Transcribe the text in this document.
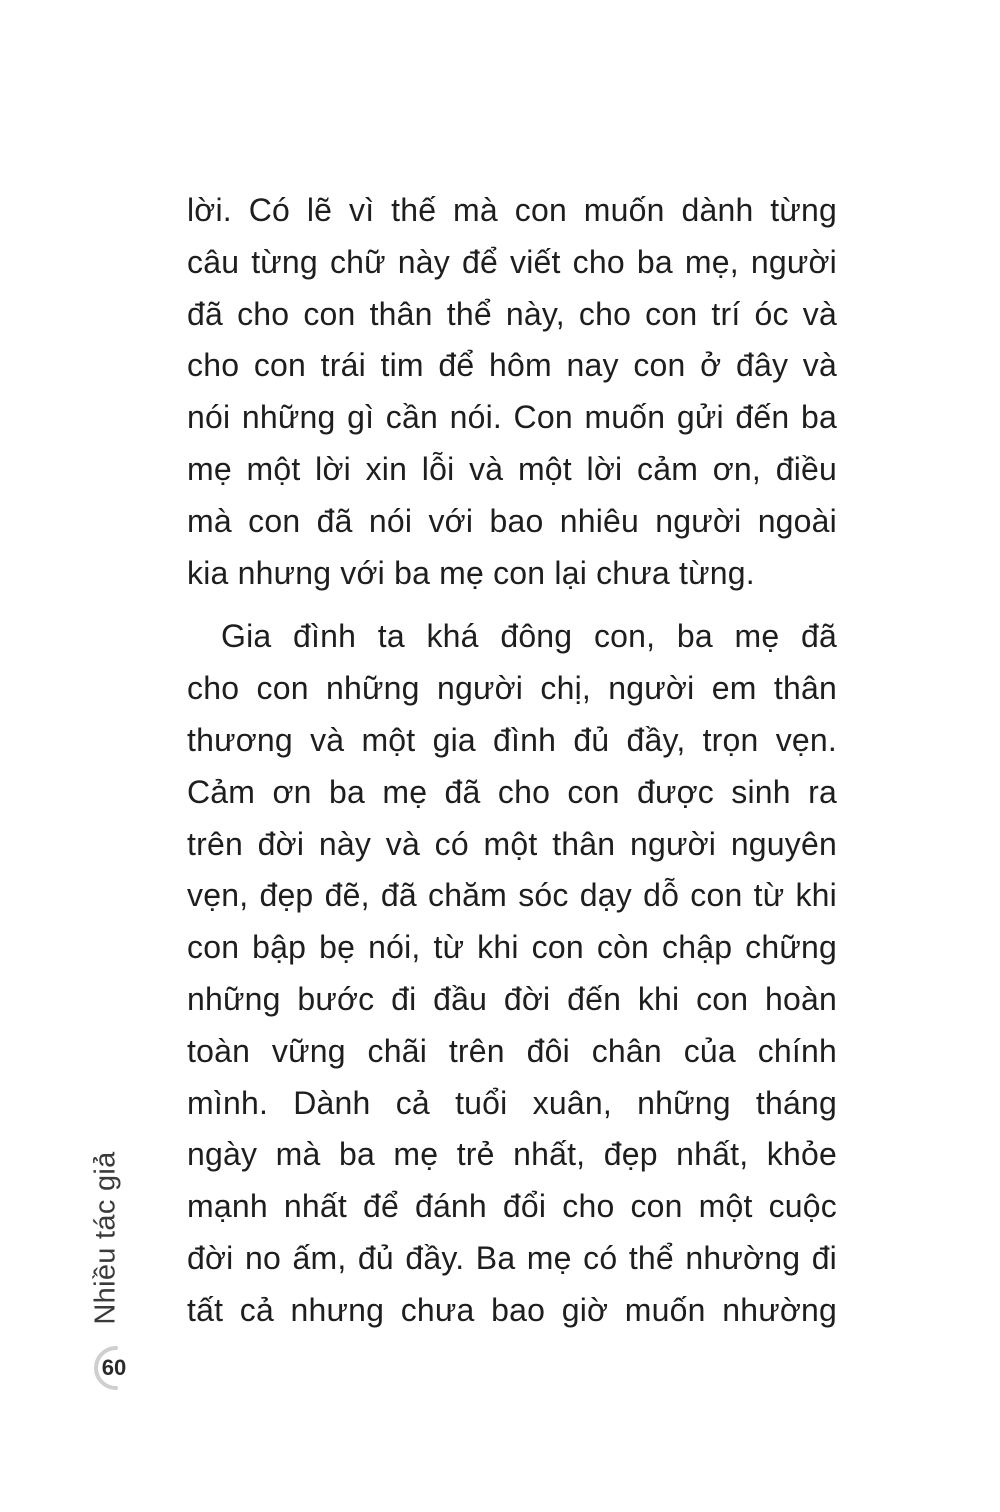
lời. Có lẽ vì thế mà con muốn dành từng
câu từng chữ này để viết cho ba mẹ, người
đã cho con thân thể này, cho con trí óc và
cho con trái tim để hôm nay con ở đây và
nói những gì cần nói. Con muốn gửi đến ba
mẹ một lời xin lỗi và một lời cảm ơn, điều
mà con đã nói với bao nhiêu người ngoài
kia nhưng với ba mẹ con lại chưa từng.

Gia đình ta khá đông con, ba mẹ đã
cho con những người chị, người em thân
thương và một gia đình đủ đầy, trọn vẹn.
Cảm ơn ba mẹ đã cho con được sinh ra
trên đời này và có một thân người nguyên
vẹn, đẹp đẽ, đã chăm sóc dạy dỗ con từ khi
con bập bẹ nói, từ khi con còn chập chững
những bước đi đầu đời đến khi con hoàn
toàn vững chãi trên đôi chân của chính
mình. Dành cả tuổi xuân, những tháng
ngày mà ba mẹ trẻ nhất, đẹp nhất, khỏe
mạnh nhất để đánh đổi cho con một cuộc
đời no ấm, đủ đầy. Ba mẹ có thể nhường đi
tất cả nhưng chưa bao giờ muốn nhường

Nhiều tác giả
60
